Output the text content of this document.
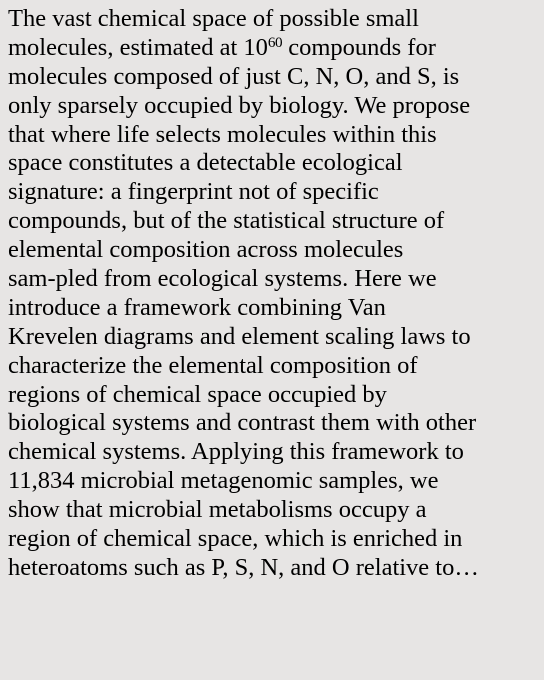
The vast chemical space of possible small
molecules, estimated at $10^{60}$ compounds for
molecules composed of just C, N, O, and S, is
only sparsely occupied by biology. We propose
that where life selects molecules within this
space constitutes a detectable ecological
signature: a fingerprint not of specific
compounds, but of the statistical structure of
elemental composition across molecules
sam-pled from ecological systems. Here we
introduce a framework combining Van
Krevelen diagrams and element scaling laws to
characterize the elemental composition of
regions of chemical space occupied by
biological systems and contrast them with other
chemical systems. Applying this framework to
11,834 microbial metagenomic samples, we
show that microbial metabolisms occupy a
region of chemical space, which is enriched in
heteroatoms such as P, S, N, and O relative to…
